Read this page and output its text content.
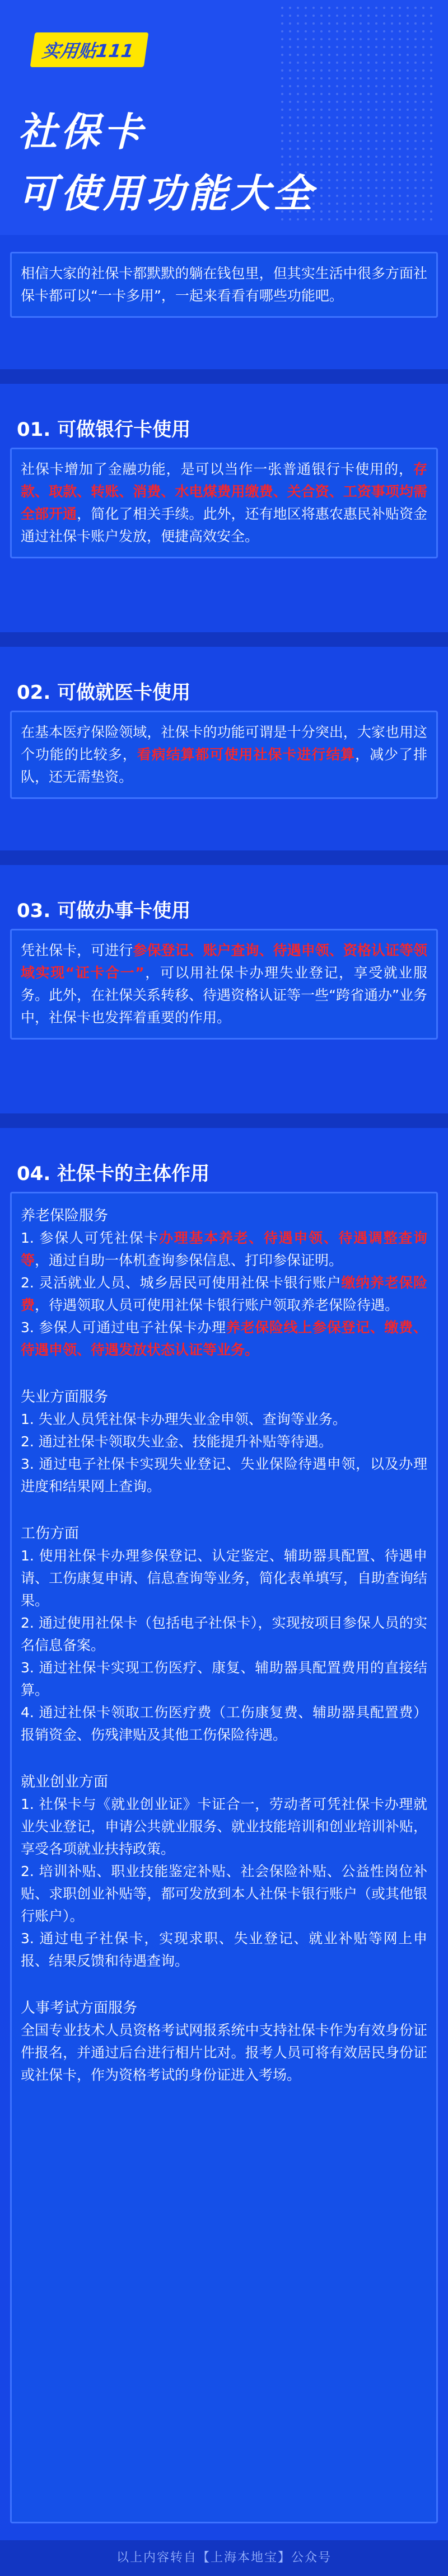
实用贴111
社保卡
可使用功能大全
相信大家的社保卡都默默的躺在钱包里，但其实生活中很多方面社保卡都可以“一卡多用”，一起来看看有哪些功能吧。
01. 可做银行卡使用
社保卡增加了金融功能，是可以当作一张普通银行卡使用的，存款、取款、转账、消费、水电煤费用缴费、关合资、工资事项均需全部开通，简化了相关手续。此外，还有地区将惠农惠民补贴资金通过社保卡账户发放，便捷高效安全。
02. 可做就医卡使用
在基本医疗保险领域，社保卡的功能可谓是十分突出，大家也用这个功能的比较多，看病结算都可使用社保卡进行结算，减少了排队，还无需垫资。
03. 可做办事卡使用
凭社保卡，可进行参保登记、账户查询、待遇申领、资格认证等领域实现“证卡合一”，可以用社保卡办理失业登记，享受就业服务。此外，在社保关系转移、待遇资格认证等一些“跨省通办”业务中，社保卡也发挥着重要的作用。
04. 社保卡的主体作用
养老保险服务
1. 参保人可凭社保卡办理基本养老、待遇申领、待遇调整查询等，通过自助一体机查询参保信息、打印参保证明。
2. 灵活就业人员、城乡居民可使用社保卡银行账户缴纳养老保险费，待遇领取人员可使用社保卡银行账户领取养老保险待遇。
3. 参保人可通过电子社保卡办理养老保险线上参保登记、缴费、待遇申领、待遇发放状态认证等业务。
失业方面服务
1. 失业人员凭社保卡办理失业金申领、查询等业务。
2. 通过社保卡领取失业金、技能提升补贴等待遇。
3. 通过电子社保卡实现失业登记、失业保险待遇申领，以及办理进度和结果网上查询。
工伤方面
1. 使用社保卡办理参保登记、认定鉴定、辅助器具配置、待遇申请、工伤康复申请、信息查询等业务，简化表单填写，自助查询结果。
2. 通过使用社保卡（包括电子社保卡），实现按项目参保人员的实名信息备案。
3. 通过社保卡实现工伤医疗、康复、辅助器具配置费用的直接结算。
4. 通过社保卡领取工伤医疗费（工伤康复费、辅助器具配置费）报销资金、伤残津贴及其他工伤保险待遇。
就业创业方面
1. 社保卡与《就业创业证》卡证合一，劳动者可凭社保卡办理就业失业登记，申请公共就业服务、就业技能培训和创业培训补贴，享受各项就业扶持政策。
2. 培训补贴、职业技能鉴定补贴、社会保险补贴、公益性岗位补贴、求职创业补贴等，都可发放到本人社保卡银行账户（或其他银行账户）。
3. 通过电子社保卡，实现求职、失业登记、就业补贴等网上申报、结果反馈和待遇查询。
人事考试方面服务
全国专业技术人员资格考试网报系统中支持社保卡作为有效身份证件报名，并通过后台进行相片比对。报考人员可将有效居民身份证或社保卡，作为资格考试的身份证进入考场。
以上内容转自【上海本地宝】公众号
